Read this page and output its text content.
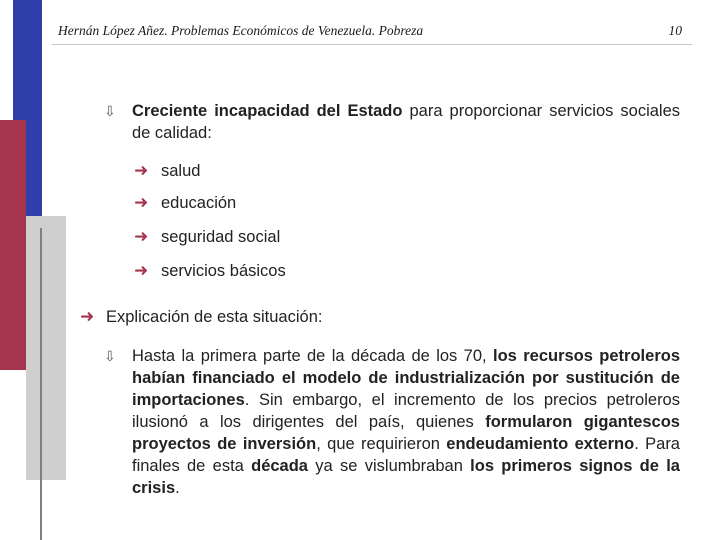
Hernán López Añez. Problemas Económicos de Venezuela. Pobreza	10
⇩ Creciente incapacidad del Estado para proporcionar servicios sociales de calidad:
➜ salud
➜ educación
➜ seguridad social
➜ servicios básicos
➜ Explicación de esta situación:
⇩ Hasta la primera parte de la década de los 70, los recursos petroleros habían financiado el modelo de industrialización por sustitución de importaciones. Sin embargo, el incremento de los precios petroleros ilusionó a los dirigentes del país, quienes formularon gigantescos proyectos de inversión, que requirieron endeudamiento externo. Para finales de esta década ya se vislumbraban los primeros signos de la crisis.
